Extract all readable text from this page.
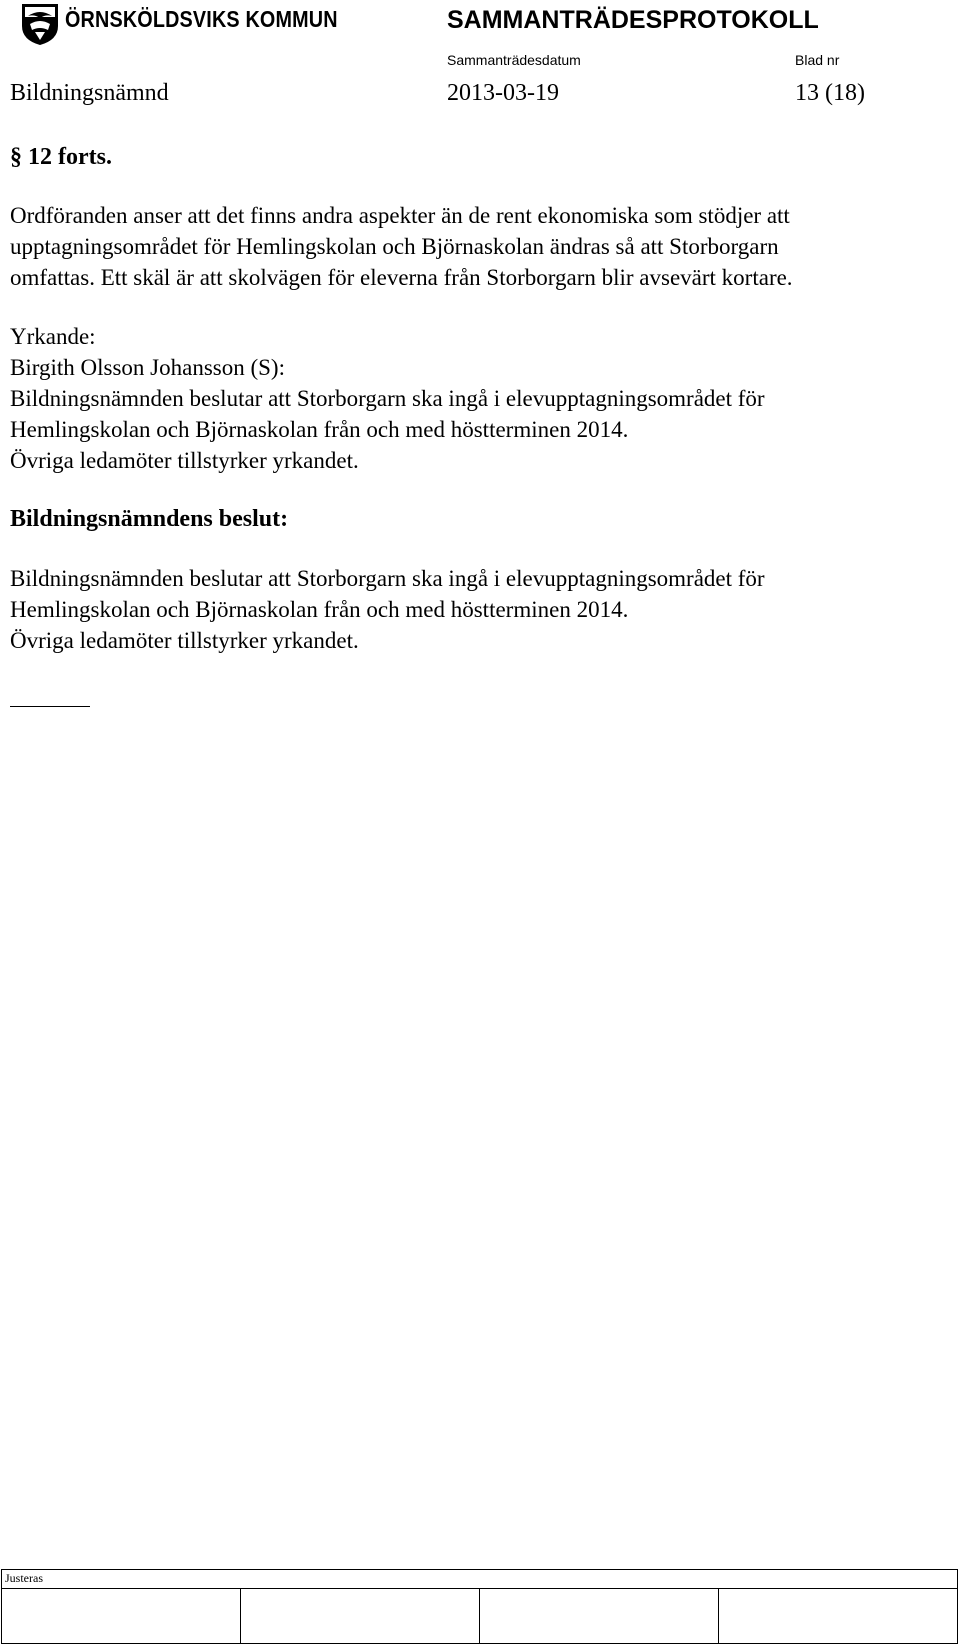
ÖRNSKÖLDSVIKS KOMMUN	SAMMANTRÄDESPROTOKOLL
Sammanträdesdatum	Blad nr
Bildningsnämnd	2013-03-19	13 (18)
§ 12 forts.

Ordföranden anser att det finns andra aspekter än de rent ekonomiska som stödjer att
upptagningsområdet för Hemlingskolan och Björnaskolan ändras så att Storborgarn
omfattas. Ett skäl är att skolvägen för eleverna från Storborgarn blir avsevärt kortare.

Yrkande:
Birgith Olsson Johansson (S):
Bildningsnämnden beslutar att Storborgarn ska ingå i elevupptagningsområdet för
Hemlingskolan och Björnaskolan från och med höstterminen 2014.
Övriga ledamöter tillstyrker yrkandet.

Bildningsnämndens beslut:

Bildningsnämnden beslutar att Storborgarn ska ingå i elevupptagningsområdet för
Hemlingskolan och Björnaskolan från och med höstterminen 2014.
Övriga ledamöter tillstyrker yrkandet.

Justeras
